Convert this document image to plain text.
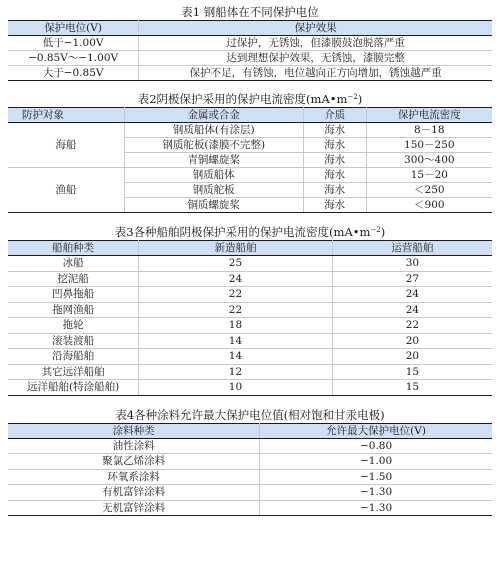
表1 钢船体在不同保护电位
保护电位(V)	保护效果
低于−1.00V	过保护，无锈蚀，但漆膜鼓泡脱落严重
−0.85V～−1.00V	达到理想保护效果，无锈蚀，漆膜完整
大于−0.85V	保护不足，有锈蚀，电位越向正方向增加，锈蚀越严重
表2阴极保护采用的保护电流密度$(mA•m^{-2})$
防护对象	金属或合金	介质	保护电流密度
海船	钢质船体(有涂层)	海水	8－18
	钢质舵板(漆膜不完整)	海水	150－250
	青铜螺旋桨	海水	300～400
渔船	钢质船体	海水	15－20
	钢质舵板	海水	＜250
	铜质螺旋桨	海水	＜900
表3各种船舶阴极保护采用的保护电流密度$(mA•m^{-2})$
船舶种类	新造船舶	运营船舶
冰船	25	30
挖泥船	24	27
凹鼻拖船	22	24
拖网渔船	22	24
拖轮	18	22
滚装渡船	14	20
沿海船舶	14	20
其它远洋船舶	12	15
远洋船舶(特涂船舶)	10	15
表4各种涂料允许最大保护电位值(相对饱和甘汞电极)
涂料种类	允许最大保护电位(V)
油性涂料	−0.80
聚氯乙烯涂料	−1.00
环氧系涂料	−1.50
有机富锌涂料	−1.30
无机富锌涂料	−1.30
